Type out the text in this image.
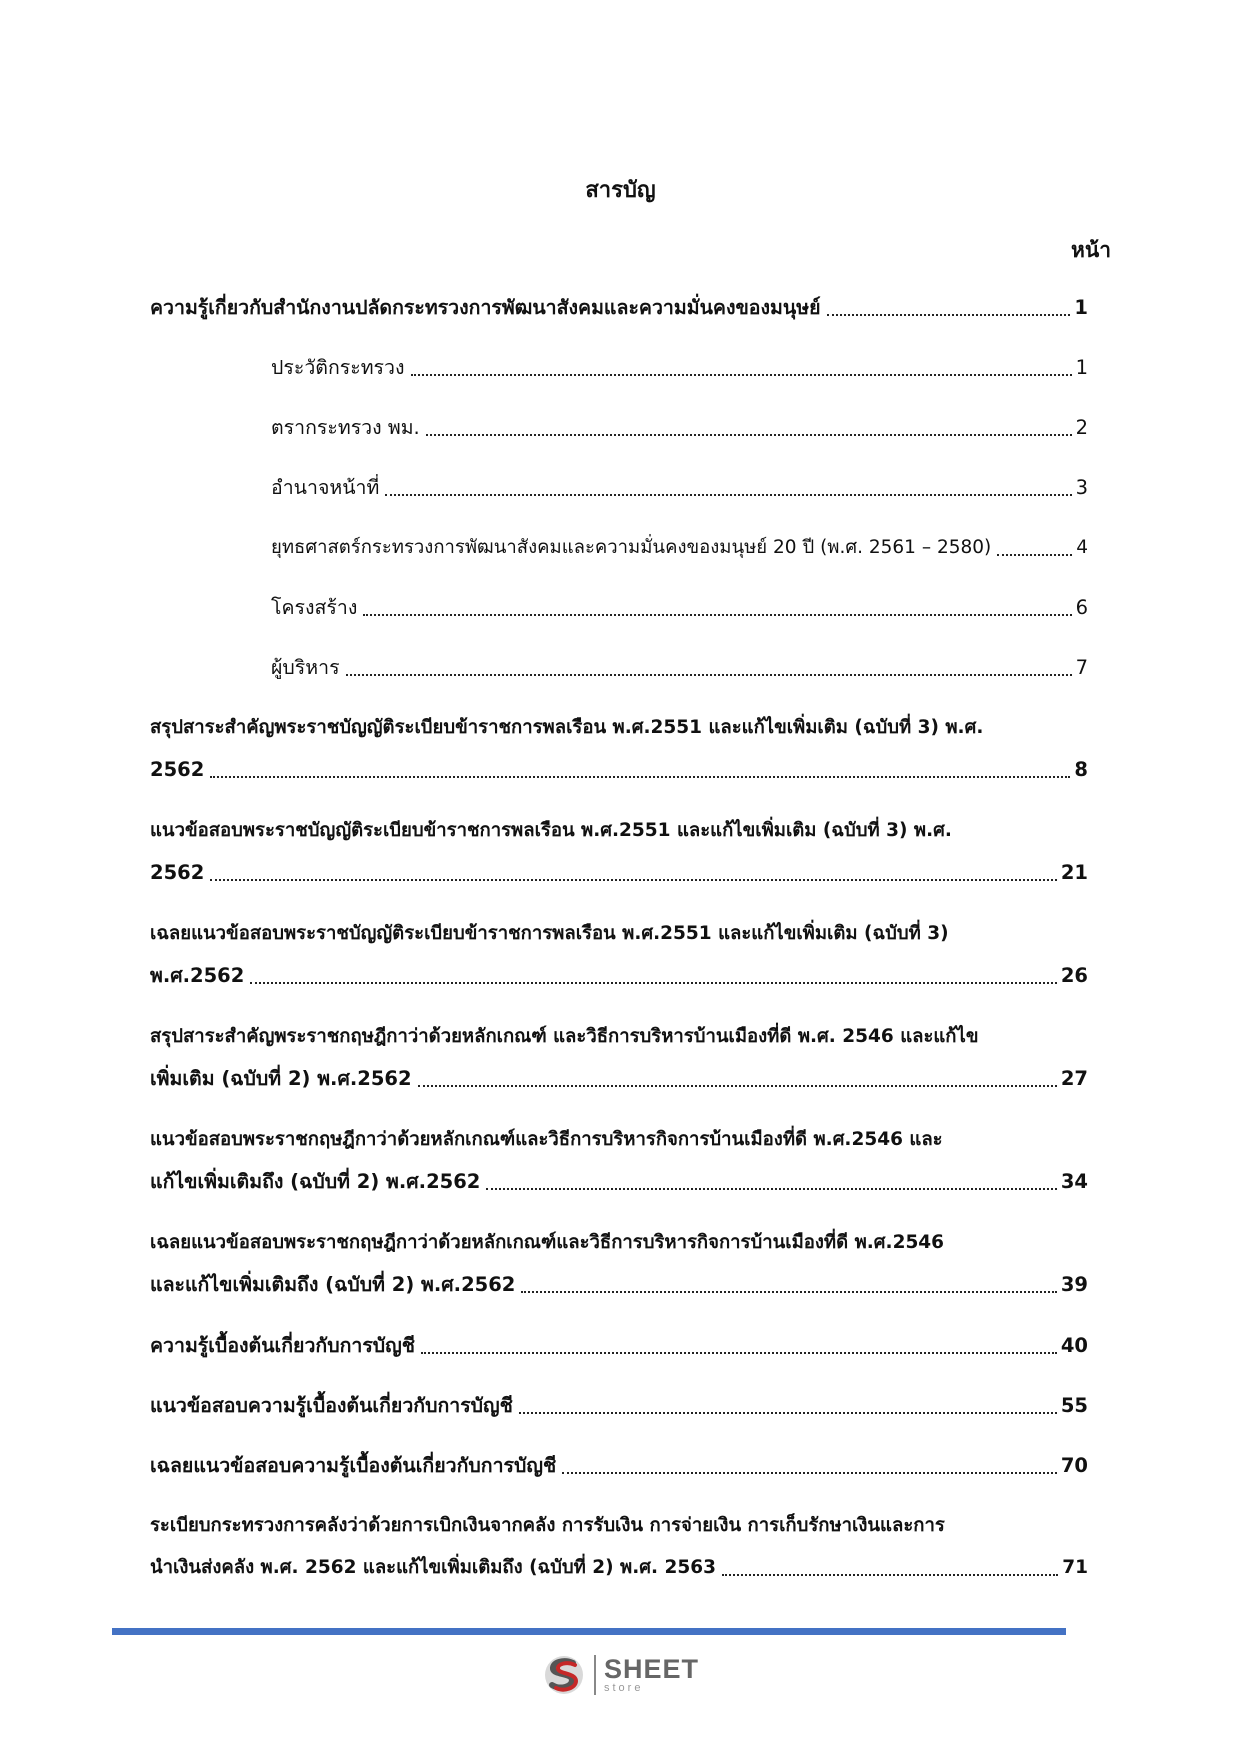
สารบัญ
หน้า
ความรู้เกี่ยวกับสำนักงานปลัดกระทรวงการพัฒนาสังคมและความมั่นคงของมนุษย์	1
ประวัติกระทรวง	1
ตรากระทรวง พม.	2
อำนาจหน้าที่	3
ยุทธศาสตร์กระทรวงการพัฒนาสังคมและความมั่นคงของมนุษย์ 20 ปี (พ.ศ. 2561 – 2580)	4
โครงสร้าง	6
ผู้บริหาร	7
สรุปสาระสำคัญพระราชบัญญัติระเบียบข้าราชการพลเรือน พ.ศ.2551 และแก้ไขเพิ่มเติม (ฉบับที่ 3) พ.ศ.
2562	8
แนวข้อสอบพระราชบัญญัติระเบียบข้าราชการพลเรือน พ.ศ.2551 และแก้ไขเพิ่มเติม (ฉบับที่ 3) พ.ศ.
2562	21
เฉลยแนวข้อสอบพระราชบัญญัติระเบียบข้าราชการพลเรือน พ.ศ.2551 และแก้ไขเพิ่มเติม (ฉบับที่ 3)
พ.ศ.2562	26
สรุปสาระสำคัญพระราชกฤษฎีกาว่าด้วยหลักเกณฑ์ และวิธีการบริหารบ้านเมืองที่ดี พ.ศ. 2546 และแก้ไข
เพิ่มเติม (ฉบับที่ 2) พ.ศ.2562	27
แนวข้อสอบพระราชกฤษฎีกาว่าด้วยหลักเกณฑ์และวิธีการบริหารกิจการบ้านเมืองที่ดี พ.ศ.2546 และ
แก้ไขเพิ่มเติมถึง (ฉบับที่ 2) พ.ศ.2562	34
เฉลยแนวข้อสอบพระราชกฤษฎีกาว่าด้วยหลักเกณฑ์และวิธีการบริหารกิจการบ้านเมืองที่ดี พ.ศ.2546
และแก้ไขเพิ่มเติมถึง (ฉบับที่ 2) พ.ศ.2562	39
ความรู้เบื้องต้นเกี่ยวกับการบัญชี	40
แนวข้อสอบความรู้เบื้องต้นเกี่ยวกับการบัญชี	55
เฉลยแนวข้อสอบความรู้เบื้องต้นเกี่ยวกับการบัญชี	70
ระเบียบกระทรวงการคลังว่าด้วยการเบิกเงินจากคลัง การรับเงิน การจ่ายเงิน การเก็บรักษาเงินและการ
นำเงินส่งคลัง พ.ศ. 2562 และแก้ไขเพิ่มเติมถึง (ฉบับที่ 2) พ.ศ. 2563	71
SHEET
store
